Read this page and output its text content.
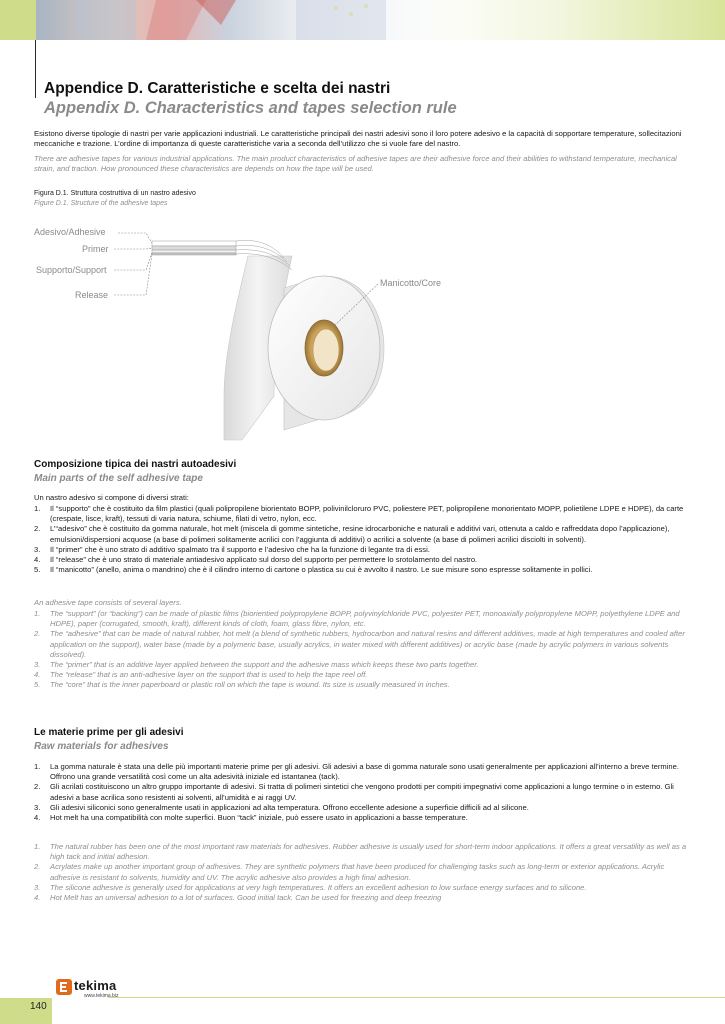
Appendice D. Caratteristiche e scelta dei nastri
Appendix D. Characteristics and tapes selection rule
Esistono diverse tipologie di nastri per varie applicazioni industriali. Le caratteristiche principali dei nastri adesivi sono il loro potere adesivo e la capacità di sopportare temperature, sollecitazioni meccaniche e trazione. L’ordine di importanza di queste caratteristiche varia a seconda dell’utilizzo che si vuole fare del nastro.
There are adhesive tapes for various industrial applications. The main product characteristics of adhesive tapes are their adhesive force and their abilities to withstand temperature, mechanical strain, and traction. How pronounced these characteristics are depends on how the tape will be used.
Figura D.1. Struttura costruttiva di un nastro adesivo
Figure D.1. Structure of the adhesive tapes
Adesivo/Adhesive
Primer
Supporto/Support
Release
Manicotto/Core
Composizione tipica dei nastri autoadesivi
Main parts of the self adhesive tape
Un nastro adesivo si compone di diversi strati:
1. Il “supporto” che è costituito da film plastici (quali polipropilene biorientato BOPP, polivinilcloruro PVC, poliestere PET, polipropilene monorientato MOPP, polietilene LDPE e HDPE), da carte (crespate, lisce, kraft), tessuti di varia natura, schiume, filati di vetro, nylon, ecc.
2. L’“adesivo” che è costituito da gomma naturale, hot melt (miscela di gomme sintetiche, resine idrocarboniche e naturali e additivi vari, ottenuta a caldo e raffreddata dopo l’applicazione), emulsioni/dispersioni acquose (a base di polimeri solitamente acrilici con l’aggiunta di additivi) o acrilici a solvente (a base di polimeri acrilici disciolti in solventi).
3. Il “primer” che è uno strato di additivo spalmato tra il supporto e l’adesivo che ha la funzione di legante tra di essi.
4. Il “release” che è uno strato di materiale antiadesivo applicato sul dorso del supporto per permettere lo srotolamento del nastro.
5. Il “manicotto” (anello, anima o mandrino) che è il cilindro interno di cartone o plastica su cui è avvolto il nastro. Le sue misure sono espresse solitamente in pollici.
An adhesive tape consists of several layers.
1. The “support” (or “backing”) can be made of plastic films (biorientied polypropylene BOPP, polyvinylchloride PVC, polyester PET, monoaxially polypropylene MOPP, polyethylene LDPE and HDPE), paper (corrugated, smooth, kraft), different kinds of cloth, foam, glass fibre, nylon, etc.
2. The “adhesive” that can be made of natural rubber, hot melt (a blend of synthetic rubbers, hydrocarbon and natural resins and different additives, made at high temperatures and cooled after application on the support), water base (made by a polymeric base, usually acrylics, in water mixed with different additives) or acrylic base (made by acrylic polymers in various solvents dissolved).
3. The “primer” that is an additive layer applied between the support and the adhesive mass which keeps these two parts together.
4. The “release” that is an anti-adhesive layer on the support that is used to help the tape reel off.
5. The “core” that is the inner paperboard or plastic roll on which the tape is wound. Its size is usually measured in inches.
Le materie prime per gli adesivi
Raw materials for adhesives
1. La gomma naturale è stata una delle più importanti materie prime per gli adesivi. Gli adesivi a base di gomma naturale sono usati generalmente per applicazioni all’interno a breve termine. Offrono una grande versatilità così come un alta adesività iniziale ed istantanea (tack).
2. Gli acrilati costituiscono un altro gruppo importante di adesivi. Si tratta di polimeri sintetici che vengono prodotti per compiti impegnativi come applicazioni a lungo termine o in esterno. Gli adesivi a base acrilica sono resistenti ai solventi, all’umidità e ai raggi UV.
3. Gli adesivi siliconici sono generalmente usati in applicazioni ad alta temperatura. Offrono eccellente adesione a superficie difficili ad al silicone.
4. Hot melt ha una compatibilità con molte superfici. Buon “tack” iniziale, può essere usato in applicazioni a basse temperature.
1. The natural rubber has been one of the most important raw materials for adhesives. Rubber adhesive is usually used for short-term indoor applications. It offers a great versatility as well as a high tack and initial adhesion.
2. Acrylates make up another important group of adhesives. They are synthetic polymers that have been produced for challenging tasks such as long-term or exterior applications. Acrylic adhesive is resistant to solvents, humidity and UV. The acrylic adhesive also provides a high final adhesion.
3. The silicone adhesive is generally used for applications at very high temperatures. It offers an excellent adhesion to low surface energy surfaces and to silicone.
4. Hot Melt has an universal adhesion to a lot of surfaces. Good initial tack. Can be used for freezing and deep freezing
140
tekima
www.tekima.biz
